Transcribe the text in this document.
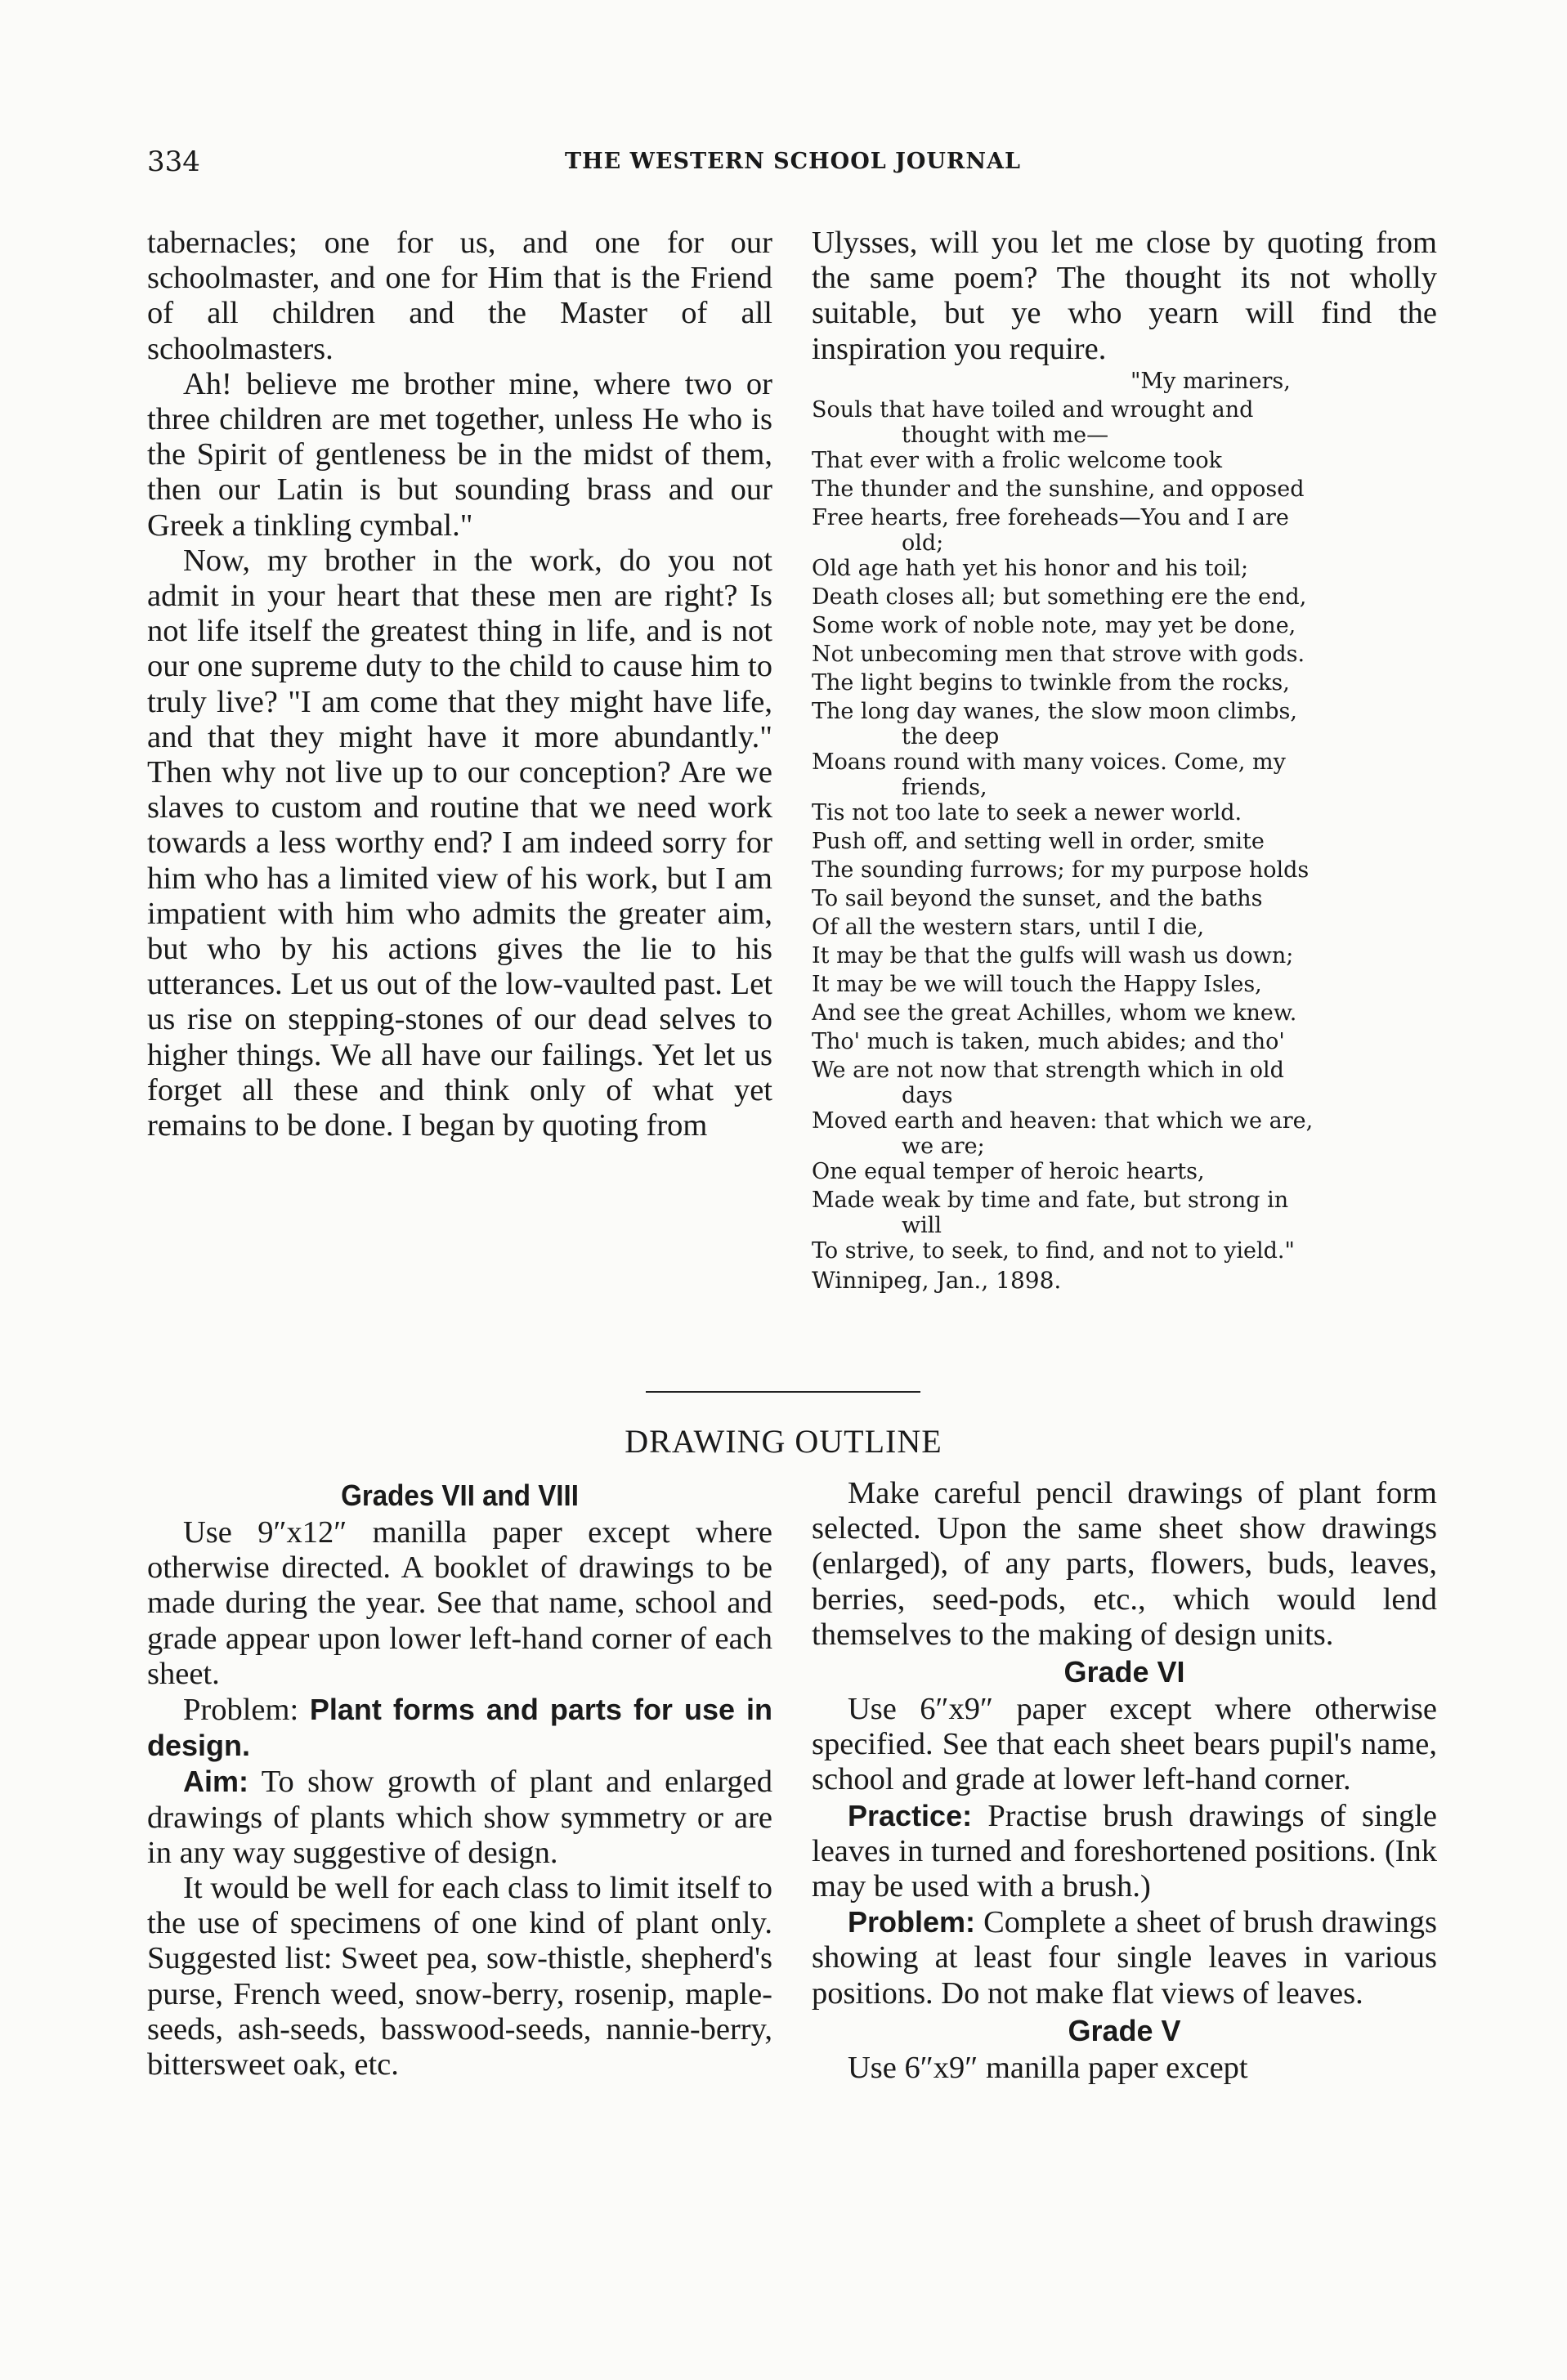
334	THE WESTERN SCHOOL JOURNAL

tabernacles; one for us, and one for our schoolmaster, and one for Him that is the Friend of all children and the Master of all schoolmasters.

Ah! believe me brother mine, where two or three children are met together, unless He who is the Spirit of gentleness be in the midst of them, then our Latin is but sounding brass and our Greek a tinkling cymbal."

Now, my brother in the work, do you not admit in your heart that these men are right? Is not life itself the greatest thing in life, and is not our one supreme duty to the child to cause him to truly live? "I am come that they might have life, and that they might have it more abundantly." Then why not live up to our conception? Are we slaves to custom and routine that we need work towards a less worthy end? I am indeed sorry for him who has a limited view of his work, but I am impatient with him who admits the greater aim, but who by his actions gives the lie to his utterances. Let us out of the low-vaulted past. Let us rise on stepping-stones of our dead selves to higher things. We all have our failings. Yet let us forget all these and think only of what yet remains to be done. I began by quoting from

Ulysses, will you let me close by quoting from the same poem? The thought its not wholly suitable, but ye who yearn will find the inspiration you require.

"My mariners,

Souls that have toiled and wrought and

thought with me—

That ever with a frolic welcome took

The thunder and the sunshine, and opposed

Free hearts, free foreheads—You and I are

old;

Old age hath yet his honor and his toil;

Death closes all; but something ere the end,

Some work of noble note, may yet be done,

Not unbecoming men that strove with gods.

The light begins to twinkle from the rocks,

The long day wanes, the slow moon climbs,

the deep

Moans round with many voices. Come, my

friends,

Tis not too late to seek a newer world.

Push off, and setting well in order, smite

The sounding furrows; for my purpose holds

To sail beyond the sunset, and the baths

Of all the western stars, until I die,

It may be that the gulfs will wash us down;

It may be we will touch the Happy Isles,

And see the great Achilles, whom we knew.

Tho' much is taken, much abides; and tho'

We are not now that strength which in old

days

Moved earth and heaven: that which we are,

we are;

One equal temper of heroic hearts,

Made weak by time and fate, but strong in

will

To strive, to seek, to find, and not to yield."

Winnipeg, Jan., 1898.

DRAWING OUTLINE

Grades VII and VIII

Use 9″x12″ manilla paper except where otherwise directed. A booklet of drawings to be made during the year. See that name, school and grade appear upon lower left-hand corner of each sheet.

Problem: Plant forms and parts for use in design.

Aim: To show growth of plant and enlarged drawings of plants which show symmetry or are in any way suggestive of design.

It would be well for each class to limit itself to the use of specimens of one kind of plant only. Suggested list: Sweet pea, sow-thistle, shepherd's purse, French weed, snow-berry, rosenip, maple-seeds, ash-seeds, basswood-seeds, nannie-berry, bittersweet oak, etc.

Make careful pencil drawings of plant form selected. Upon the same sheet show drawings (enlarged), of any parts, flowers, buds, leaves, berries, seed-pods, etc., which would lend themselves to the making of design units.

Grade VI

Use 6″x9″ paper except where otherwise specified. See that each sheet bears pupil's name, school and grade at lower left-hand corner.

Practice: Practise brush drawings of single leaves in turned and foreshortened positions. (Ink may be used with a brush.)

Problem: Complete a sheet of brush drawings showing at least four single leaves in various positions. Do not make flat views of leaves.

Grade V

Use 6″x9″ manilla paper except
